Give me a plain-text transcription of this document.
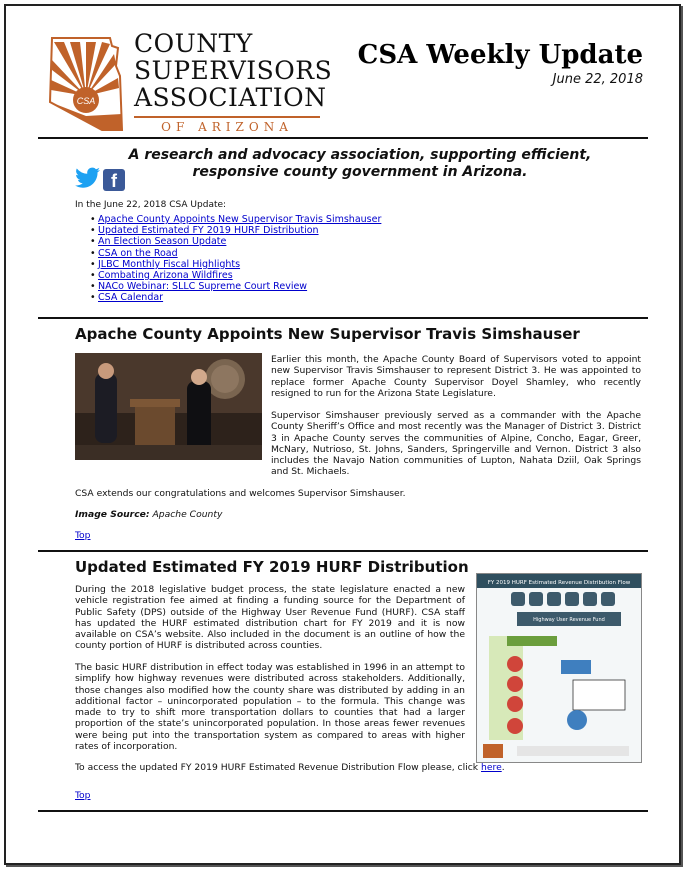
CSA
COUNTY
SUPERVISORS
ASSOCIATION
OF ARIZONA
CSA Weekly Update
June 22, 2018
A research and advocacy association, supporting efficient, responsive county government in Arizona.
f
In the June 22, 2018 CSA Update:
• Apache County Appoints New Supervisor Travis Simshauser
• Updated Estimated FY 2019 HURF Distribution
• An Election Season Update
• CSA on the Road
• JLBC Monthly Fiscal Highlights
• Combating Arizona Wildfires
• NACo Webinar: SLLC Supreme Court Review
• CSA Calendar
Apache County Appoints New Supervisor Travis Simshauser
Earlier this month, the Apache County Board of Supervisors voted to appoint new Supervisor Travis Simshauser to represent District 3. He was appointed to replace former Apache County Supervisor Doyel Shamley, who recently resigned to run for the Arizona State Legislature.
Supervisor Simshauser previously served as a commander with the Apache County Sheriff’s Office and most recently was the Manager of District 3. District 3 in Apache County serves the communities of Alpine, Concho, Eagar, Greer, McNary, Nutrioso, St. Johns, Sanders, Springerville and Vernon. District 3 also includes the Navajo Nation communities of Lupton, Nahata Dziil, Oak Springs and St. Michaels.
CSA extends our congratulations and welcomes Supervisor Simshauser.
Image Source: Apache County
Top
Updated Estimated FY 2019 HURF Distribution
During the 2018 legislative budget process, the state legislature enacted a new vehicle registration fee aimed at finding a funding source for the Department of Public Safety (DPS) outside of the Highway User Revenue Fund (HURF). CSA staff has updated the HURF estimated distribution chart for FY 2019 and it is now available on CSA’s website. Also included in the document is an outline of how the county portion of HURF is distributed across counties.
The basic HURF distribution in effect today was established in 1996 in an attempt to simplify how highway revenues were distributed across stakeholders. Additionally, those changes also modified how the county share was distributed by adding in an additional factor – unincorporated population – to the formula. This change was made to try to shift more transportation dollars to counties that had a larger proportion of the state’s unincorporated population. In those areas fewer revenues were being put into the transportation system as compared to areas with higher rates of incorporation.
FY 2019 HURF Estimated Revenue Distribution Flow
Highway User Revenue Fund
To access the updated FY 2019 HURF Estimated Revenue Distribution Flow please, click here.
Top
